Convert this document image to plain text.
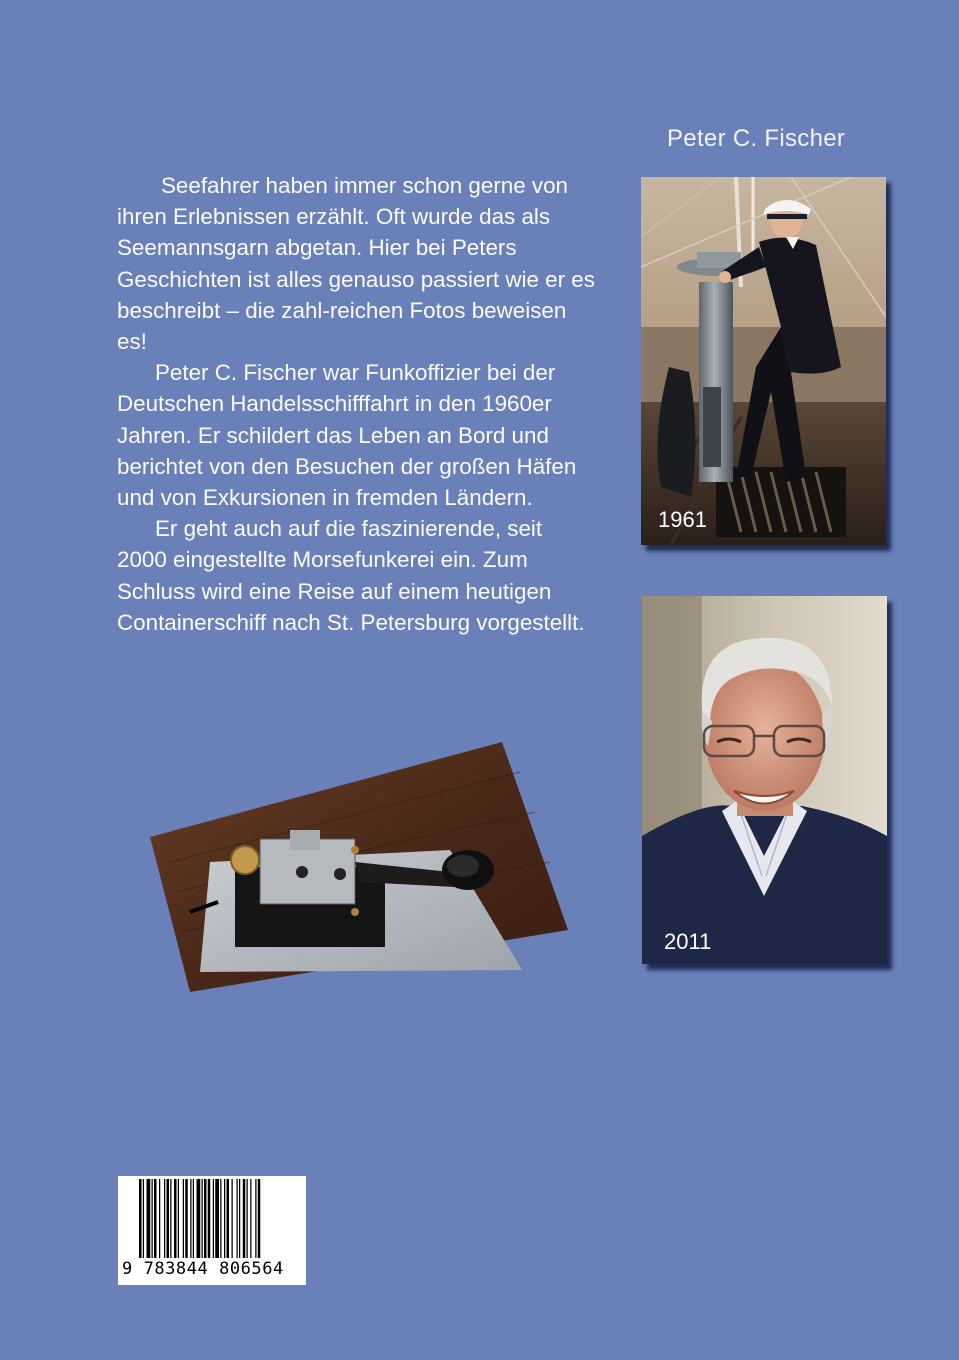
Peter C. Fischer

Seefahrer haben immer schon gerne von ihren Erlebnissen erzählt. Oft wurde das als Seemannsgarn abgetan. Hier bei Peters Geschichten ist alles genauso passiert wie er es beschreibt – die zahl-reichen Fotos beweisen es!

Peter C. Fischer war Funkoffizier bei der Deutschen Handelsschifffahrt in den 1960er Jahren. Er schildert das Leben an Bord und berichtet von den Besuchen der großen Häfen und von Exkursionen in fremden Ländern.

Er geht auch auf die faszinierende, seit 2000 eingestellte Morsefunkerei ein. Zum Schluss wird eine Reise auf einem heutigen Containerschiff nach St. Petersburg vorgestellt.

1961
2011
9 783844 806564
